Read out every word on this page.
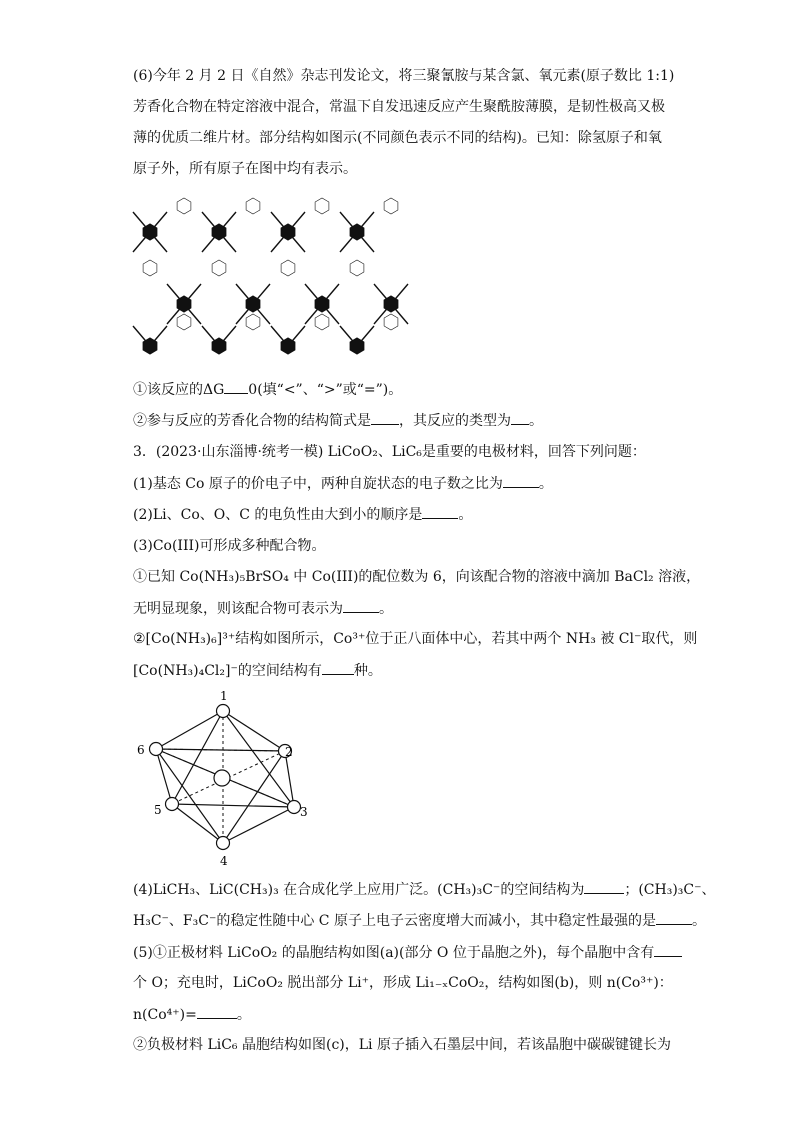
(6)今年 2 月 2 日《自然》杂志刊发论文，将三聚氰胺与某含氯、氧元素(原子数比 1:1)
芳香化合物在特定溶液中混合，常温下自发迅速反应产生聚酰胺薄膜，是韧性极高又极
薄的优质二维片材。部分结构如图示(不同颜色表示不同的结构)。已知：除氢原子和氧
原子外，所有原子在图中均有表示。
①该反应的ΔG 0(填“<”、“>”或“=”)。
②参与反应的芳香化合物的结构简式是 ，其反应的类型为 。
3．(2023·山东淄博·统考一模) LiCoO₂、LiC₆是重要的电极材料，回答下列问题：
(1)基态 Co 原子的价电子中，两种自旋状态的电子数之比为	。
(2)Li、Co、O、C 的电负性由大到小的顺序是	。
(3)Co(III)可形成多种配合物。
①已知 Co(NH₃)₅BrSO₄ 中 Co(III)的配位数为 6，向该配合物的溶液中滴加 BaCl₂ 溶液，
无明显现象，则该配合物可表示为	。
②[Co(NH₃)₆]³⁺结构如图所示，Co³⁺位于正八面体中心，若其中两个 NH₃ 被 Cl⁻取代，则
[Co(NH₃)₄Cl₂]⁻的空间结构有 种。
1
2
3
4
5
6
(4)LiCH₃、LiC(CH₃)₃ 在合成化学上应用广泛。(CH₃)₃C⁻的空间结构为	；(CH₃)₃C⁻、
H₃C⁻、F₃C⁻的稳定性随中心 C 原子上电子云密度增大而减小，其中稳定性最强的是	。
(5)①正极材料 LiCoO₂ 的晶胞结构如图(a)(部分 O 位于晶胞之外)，每个晶胞中含有
个 O；充电时，LiCoO₂ 脱出部分 Li⁺，形成 Li₁₋ₓCoO₂，结构如图(b)，则 n(Co³⁺)：
n(Co⁴⁺)=	。
②负极材料 LiC₆ 晶胞结构如图(c)，Li 原子插入石墨层中间，若该晶胞中碳碳键键长为
